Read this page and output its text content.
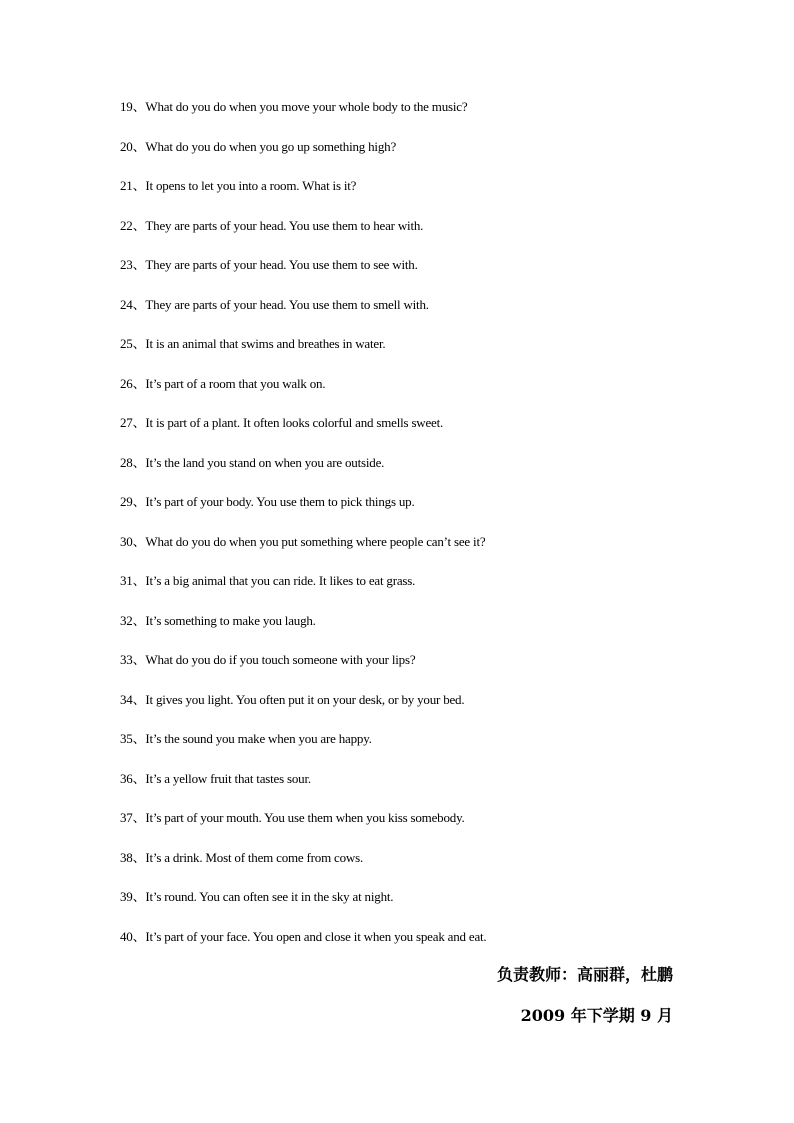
19、What do you do when you move your whole body to the music?
20、What do you do when you go up something high?
21、It opens to let you into a room. What is it?
22、They are parts of your head. You use them to hear with.
23、They are parts of your head. You use them to see with.
24、They are parts of your head. You use them to smell with.
25、It is an animal that swims and breathes in water.
26、It’s part of a room that you walk on.
27、It is part of a plant. It often looks colorful and smells sweet.
28、It’s the land you stand on when you are outside.
29、It’s part of your body. You use them to pick things up.
30、What do you do when you put something where people can’t see it?
31、It’s a big animal that you can ride. It likes to eat grass.
32、It’s something to make you laugh.
33、What do you do if you touch someone with your lips?
34、It gives you light. You often put it on your desk, or by your bed.
35、It’s the sound you make when you are happy.
36、It’s a yellow fruit that tastes sour.
37、It’s part of your mouth. You use them when you kiss somebody.
38、It’s a drink. Most of them come from cows.
39、It’s round. You can often see it in the sky at night.
40、It’s part of your face. You open and close it when you speak and eat.
负责教师：高丽群，杜鹏
2009 年下学期 9 月
